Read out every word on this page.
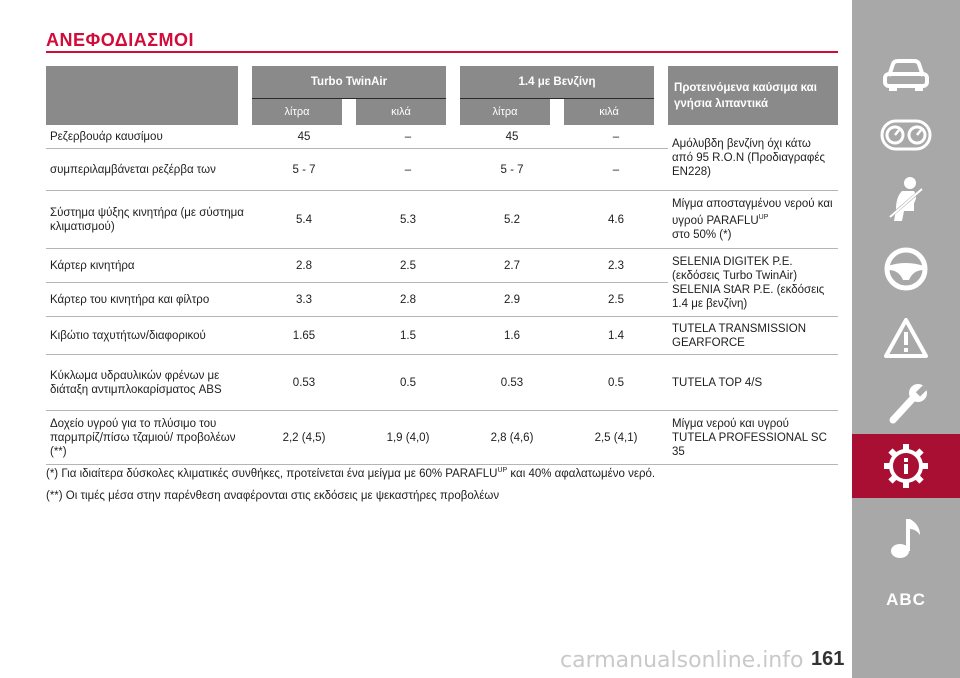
ΑΝΕΦΟΔΙΑΣΜΟΙ
		Turbo TwinAir				1.4 με Βενζίνη				Προτεινόμενα καύσιμα και γνήσια λιπαντικά
		λίτρα		κιλά		λίτρα		κιλά		
Ρεζερβουάρ καυσίμου		45		–		45		–		Αμόλυβδη βενζίνη όχι κάτω από 95 R.O.N (Προδιαγραφές EN228)
συμπεριλαμβάνεται ρεζέρβα των		5 - 7		–		5 - 7		–		
Σύστημα ψύξης κινητήρα (με σύστημα κλιματισμού)		5.4		5.3		5.2		4.6		Μίγμα αποσταγμένου νερού και υγρού $PARAFLU^{UP}$
στο 50% (*)
Κάρτερ κινητήρα		2.8		2.5		2.7		2.3		SELENIA DIGITEK P.E. (εκδόσεις Turbo TwinAir) SELENIA StAR P.E. (εκδόσεις 1.4 με βενζίνη)
Κάρτερ του κινητήρα και φίλτρο		3.3		2.8		2.9		2.5		
Κιβώτιο ταχυτήτων/διαφορικού		1.65		1.5		1.6		1.4		TUTELA TRANSMISSION GEARFORCE
Κύκλωμα υδραυλικών φρένων με διάταξη αντιμπλοκαρίσματος ABS		0.53		0.5		0.53		0.5		TUTELA TOP 4/S
Δοχείο υγρού για το πλύσιμο του παρμπρίζ/πίσω τζαμιού/ προβολέων (**)		2,2 (4,5)		1,9 (4,0)		2,8 (4,6)		2,5 (4,1)		Μίγμα νερού και υγρού TUTELA PROFESSIONAL SC 35
(*) Για ιδιαίτερα δύσκολες κλιματικές συνθήκες, προτείνεται ένα μείγμα με 60% $PARAFLU^{UP}$ και 40% αφαλατωμένο νερό.
(**) Οι τιμές μέσα στην παρένθεση αναφέρονται στις εκδόσεις με ψεκαστήρες προβολέων
ABC
carmanualsonline.info 161
